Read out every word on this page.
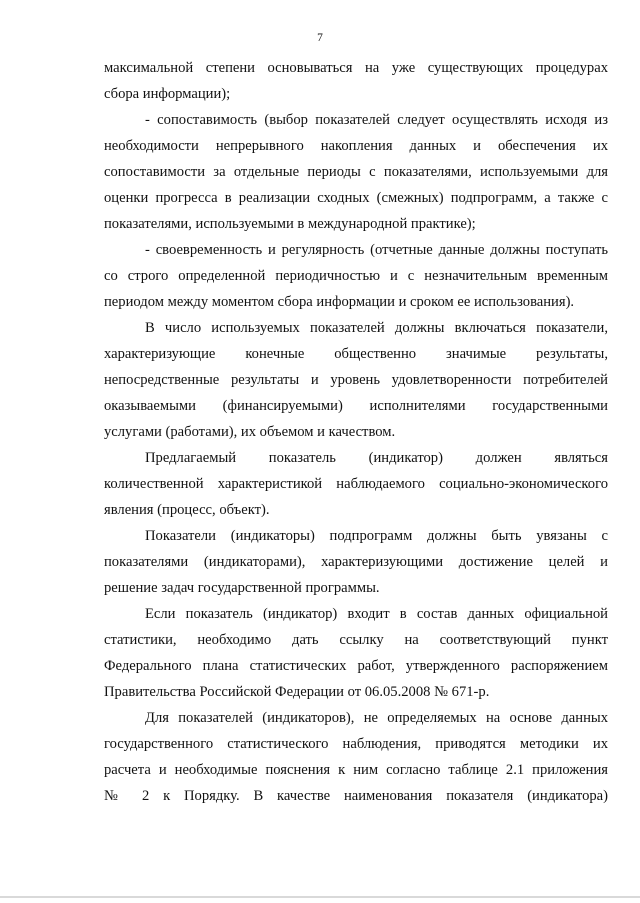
7
максимальной степени основываться на уже существующих процедурах
сбора информации);
- сопоставимость (выбор показателей следует осуществлять исходя из
необходимости непрерывного накопления данных и обеспечения их
сопоставимости за отдельные периоды с показателями, используемыми для
оценки прогресса в реализации сходных (смежных) подпрограмм, а также с
показателями, используемыми в международной практике);
- своевременность и регулярность (отчетные данные должны поступать
со строго определенной периодичностью и с незначительным временным
периодом между моментом сбора информации и сроком ее использования).
В число используемых показателей должны включаться показатели,
характеризующие конечные общественно значимые результаты,
непосредственные результаты и уровень удовлетворенности потребителей
оказываемыми (финансируемыми) исполнителями государственными
услугами (работами), их объемом и качеством.
Предлагаемый показатель (индикатор) должен являться
количественной характеристикой наблюдаемого социально-экономического
явления (процесс, объект).
Показатели (индикаторы) подпрограмм должны быть увязаны с
показателями (индикаторами), характеризующими достижение целей и
решение задач государственной программы.
Если показатель (индикатор) входит в состав данных официальной
статистики, необходимо дать ссылку на соответствующий пункт
Федерального плана статистических работ, утвержденного распоряжением
Правительства Российской Федерации от 06.05.2008 № 671-р.
Для показателей (индикаторов), не определяемых на основе данных
государственного статистического наблюдения, приводятся методики их
расчета и необходимые пояснения к ним согласно таблице 2.1 приложения
№ 2 к Порядку. В качестве наименования показателя (индикатора)
